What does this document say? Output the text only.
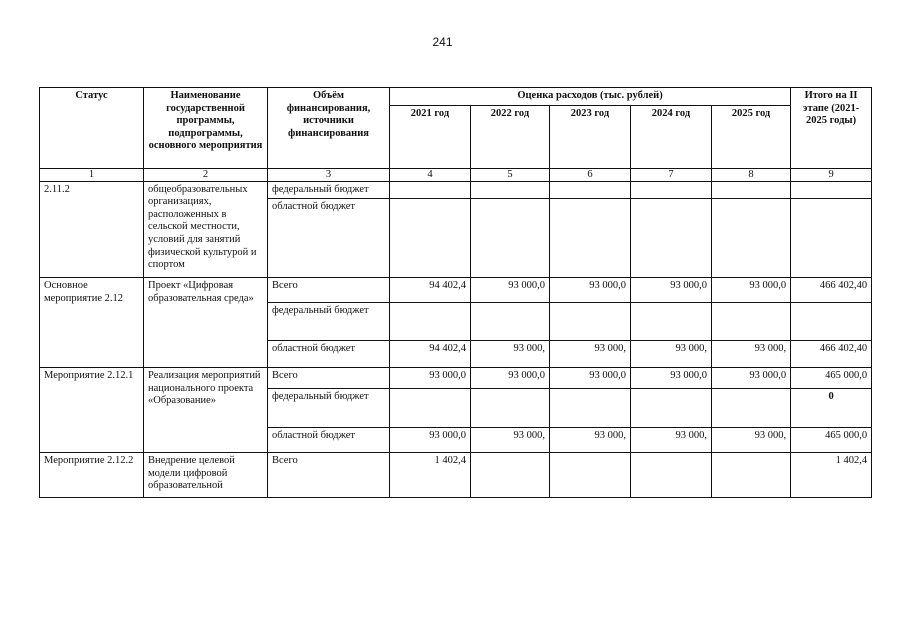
241
Статус	Наименование государственной программы, подпрограммы, основного мероприятия	Объём финансирования, источники финансирования	Оценка расходов (тыс. рублей)					Итого на II этапе (2021-2025 годы)
			2021 год	2022 год	2023 год	2024 год	2025 год	
1	2	3	4	5	6	7	8	9
2.11.2	общеобразовательных организациях, расположенных в сельской местности, условий для занятий физической культурой и спортом	федеральный бюджет						
		областной бюджет						
Основное мероприятие 2.12	Проект «Цифровая образовательная среда»	Всего	94 402,4	93 000,0	93 000,0	93 000,0	93 000,0	466 402,40
		федеральный бюджет						
		областной бюджет	94 402,4	93 000,	93 000,	93 000,	93 000,	466 402,40
Мероприятие 2.12.1	Реализация мероприятий национального проекта «Образование»	Всего	93 000,0	93 000,0	93 000,0	93 000,0	93 000,0	465 000,0
		федеральный бюджет						0
		областной бюджет	93 000,0	93 000,	93 000,	93 000,	93 000,	465 000,0
Мероприятие 2.12.2	Внедрение целевой модели цифровой образовательной	Всего	1 402,4					1 402,4
